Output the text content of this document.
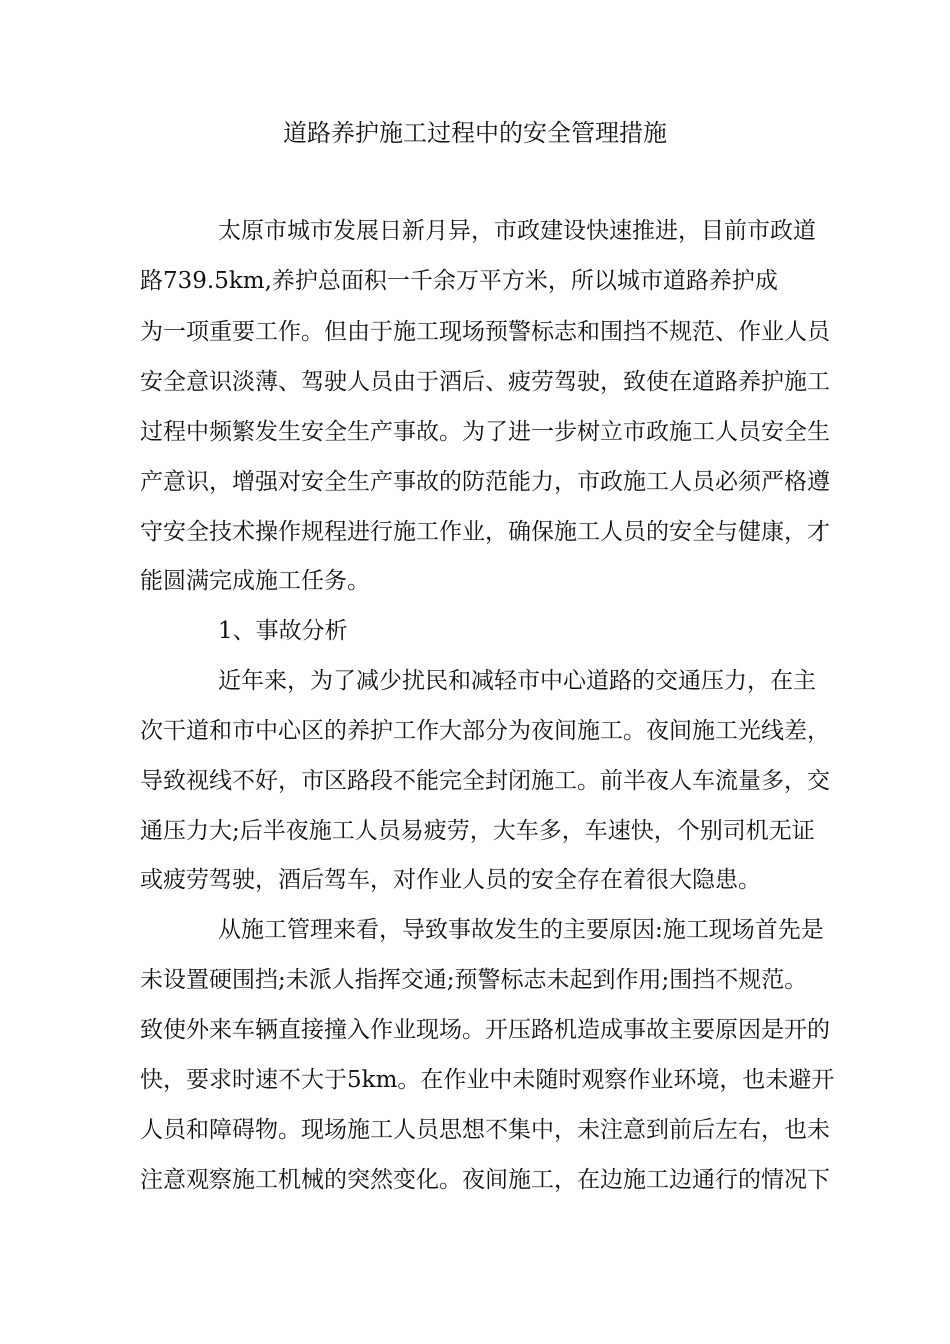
道路养护施工过程中的安全管理措施
太原市城市发展日新月异，市政建设快速推进，目前市政道
路739.5km,养护总面积一千余万平方米，所以城市道路养护成
为一项重要工作。但由于施工现场预警标志和围挡不规范、作业人员
安全意识淡薄、驾驶人员由于酒后、疲劳驾驶，致使在道路养护施工
过程中频繁发生安全生产事故。为了进一步树立市政施工人员安全生
产意识，增强对安全生产事故的防范能力，市政施工人员必须严格遵
守安全技术操作规程进行施工作业，确保施工人员的安全与健康，才
能圆满完成施工任务。
1、事故分析
近年来，为了减少扰民和减轻市中心道路的交通压力，在主
次干道和市中心区的养护工作大部分为夜间施工。夜间施工光线差，
导致视线不好，市区路段不能完全封闭施工。前半夜人车流量多，交
通压力大;后半夜施工人员易疲劳，大车多，车速快，个别司机无证
或疲劳驾驶，酒后驾车，对作业人员的安全存在着很大隐患。
从施工管理来看，导致事故发生的主要原因:施工现场首先是
未设置硬围挡;未派人指挥交通;预警标志未起到作用;围挡不规范。
致使外来车辆直接撞入作业现场。开压路机造成事故主要原因是开的
快，要求时速不大于5km。在作业中未随时观察作业环境，也未避开
人员和障碍物。现场施工人员思想不集中，未注意到前后左右，也未
注意观察施工机械的突然变化。夜间施工，在边施工边通行的情况下
